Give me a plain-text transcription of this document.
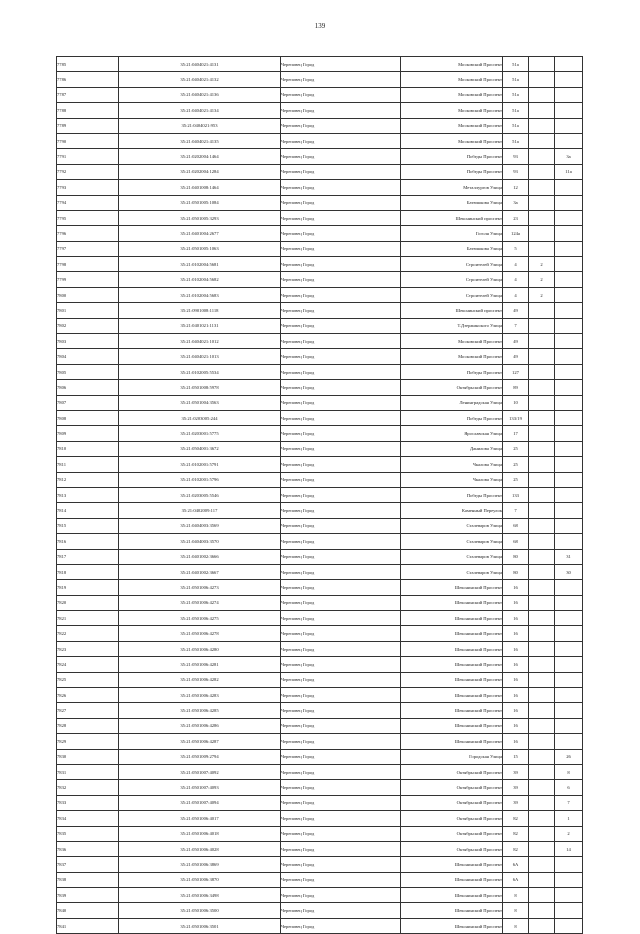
139
7785	35:21:0404021:4131	Череповец Город	Московский Проспект	51а		
7786	35:21:0404021:4132	Череповец Город	Московский Проспект	51а		
7787	35:21:0404021:4136	Череповец Город	Московский Проспект	51а		
7788	35:21:0404021:4134	Череповец Город	Московский Проспект	51а		
7789	35:21:0404021:953	Череповец Город	Московский Проспект	51а		
7790	35:21:0404021:4135	Череповец Город	Московский Проспект	51а		
7791	35:21:0202004:1464	Череповец Город	Победы Проспект	93		3а
7792	35:21:0202004:1284	Череповец Город	Победы Проспект	93		11а
7793	35:21:0401008:1464	Череповец Город	Металлургов Улица	12		
7794	35:21:0501005:1084	Череповец Город	Батюшкова Улица	3а		
7795	35:21:0501005:3293	Череповец Город	Шекснинский проспект	23		
7796	35:21:0401004:2677	Череповец Город	Гоголя Улица	124а		
7797	35:21:0501005:1063	Череповец Город	Батюшкова Улица	5		
7798	35:21:0102004:5681	Череповец Город	Строителей Улица	4	2	
7799	35:21:0102004:5682	Череповец Город	Строителей Улица	4	2	
7800	35:21:0102004:5683	Череповец Город	Строителей Улица	4	2	
7801	35:21:0901008:1118	Череповец Город	Шекснинский проспект	49		
7802	35:21:0401021:1131	Череповец Город	Т.Дзержинского Улица	7		
7803	35:21:0404021:1012	Череповец Город	Московский Проспект	49		
7804	35:21:0404021:1013	Череповец Город	Московский Проспект	49		
7805	35:21:0102005:5534	Череповец Город	Победы Проспект	127		
7806	35:21:0501008:5978	Череповец Город	Октябрьский Проспект	89		
7807	35:21:0501004:3563	Череповец Город	Ленинградская Улица	10		
7808	35:21:0203005:244	Череповец Город	Победы Проспект	133/19		
7809	35:21:0203001:5775	Череповец Город	Ярославская Улица	17		
7810	35:21:0504001:3672	Череповец Город	Данилова Улица	25		
7811	35:21:0102001:5791	Череповец Город	Чкалова Улица	25		
7812	35:21:0102001:5796	Череповец Город	Чкалова Улица	25		
7813	35:21:0203005:5546	Череповец Город	Победы Проспект	133		
7814	35:21:0402009:117	Череповец Город	Каменный Переулок	7		
7815	35:21:0404003:3569	Череповец Город	Сталеваров Улица	68		
7816	35:21:0404003:3570	Череповец Город	Сталеваров Улица	68		
7817	35:21:0401002:3666	Череповец Город	Сталеваров Улица	80		31
7818	35:21:0401002:3667	Череповец Город	Сталеваров Улица	80		30
7819	35:21:0501006:4273	Череповец Город	Шекснинский Проспект	16		
7820	35:21:0501006:4274	Череповец Город	Шекснинский Проспект	16		
7821	35:21:0501006:4275	Череповец Город	Шекснинский Проспект	16		
7822	35:21:0501006:4278	Череповец Город	Шекснинский Проспект	16		
7823	35:21:0501006:4280	Череповец Город	Шекснинский Проспект	16		
7824	35:21:0501006:4281	Череповец Город	Шекснинский Проспект	16		
7825	35:21:0501006:4282	Череповец Город	Шекснинский Проспект	16		
7826	35:21:0501006:4283	Череповец Город	Шекснинский Проспект	16		
7827	35:21:0501006:4285	Череповец Город	Шекснинский Проспект	16		
7828	35:21:0501006:4286	Череповец Город	Шекснинский Проспект	16		
7829	35:21:0501006:4287	Череповец Город	Шекснинский Проспект	16		
7830	35:21:0501009:2794	Череповец Город	Городская Улица	15		26
7831	35:21:0501007:4092	Череповец Город	Октябрьский Проспект	39		8
7832	35:21:0501007:4093	Череповец Город	Октябрьский Проспект	39		6
7833	35:21:0501007:4094	Череповец Город	Октябрьский Проспект	39		7
7834	35:21:0501006:4017	Череповец Город	Октябрьский Проспект	82		1
7835	35:21:0501006:4018	Череповец Город	Октябрьский Проспект	82		2
7836	35:21:0501006:4028	Череповец Город	Октябрьский Проспект	82		14
7837	35:21:0501006:3869	Череповец Город	Шекснинский Проспект	6А		
7838	35:21:0501006:3870	Череповец Город	Шекснинский Проспект	6А		
7839	35:21:0501006:3498	Череповец Город	Шекснинский Проспект	8		
7840	35:21:0501006:3500	Череповец Город	Шекснинский Проспект	8		
7841	35:21:0501006:3501	Череповец Город	Шекснинский Проспект	8		
